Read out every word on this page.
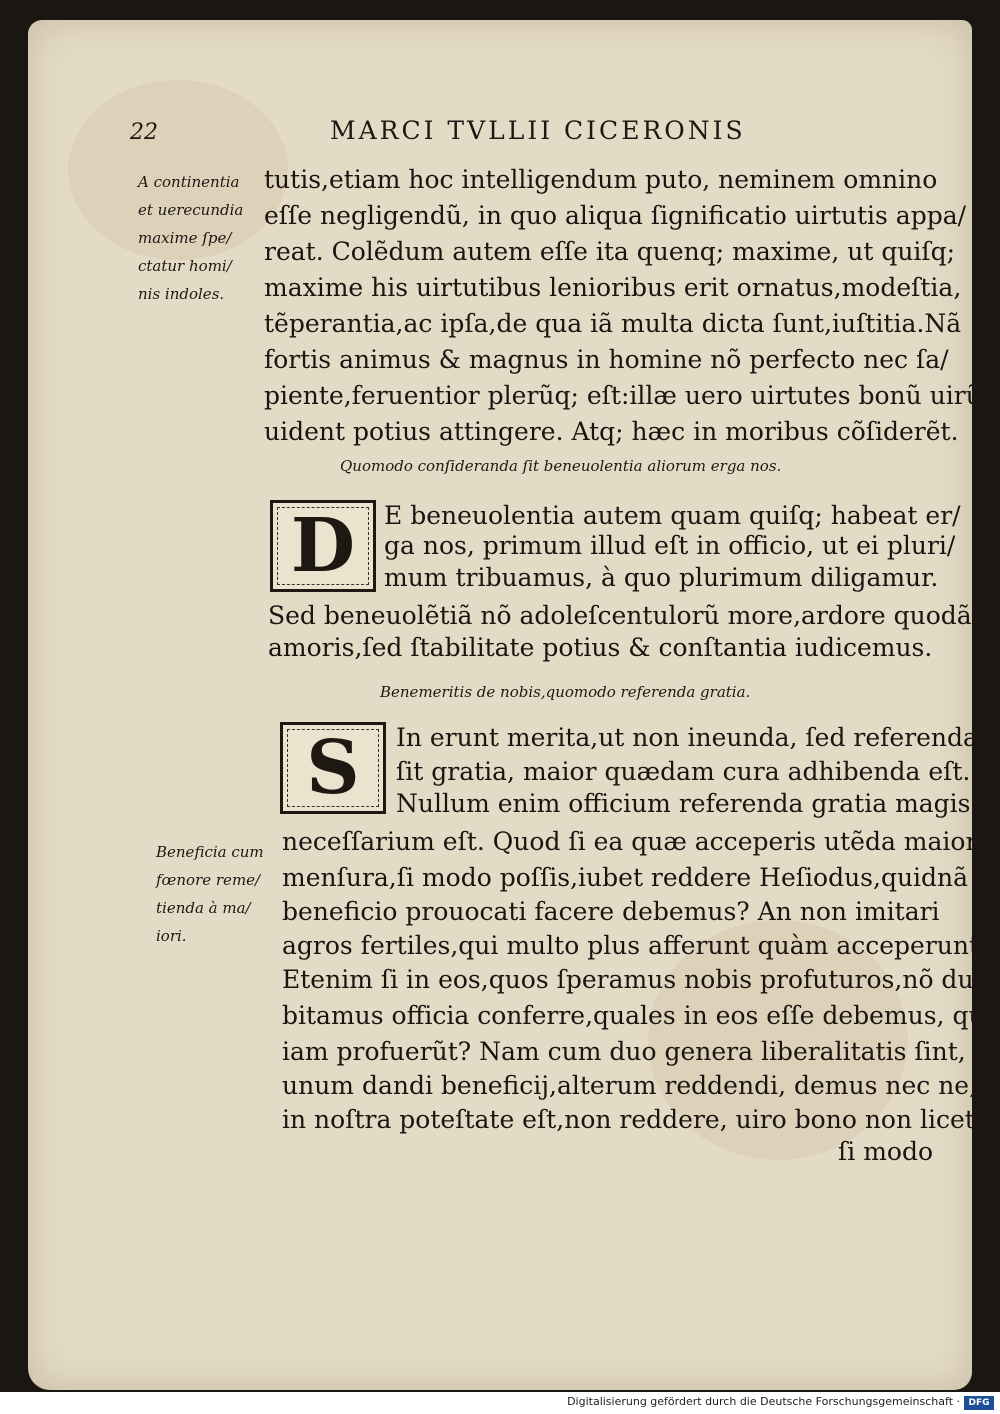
22	MARCI TVLLII CICERONIS
A continentia
et uerecundia
maxime ſpe/
ctatur homi/
nis indoles.
tutis,etiam hoc intelligendum puto, neminem omnino
eſſe negligendũ, in quo aliqua ſignificatio uirtutis appa/
reat. Colẽdum autem eſſe ita quenq; maxime, ut quiſq;
maxime his uirtutibus lenioribus erit ornatus,modeſtia,
tẽperantia,ac ipſa,de qua iã multa dicta ſunt,iuſtitia.Nã
fortis animus & magnus in homine nõ perfecto nec ſa/
piente,feruentior plerũq; eſt:illæ uero uirtutes bonũ uirũ
uident potius attingere. Atq; hæc in moribus cõſiderẽt.
Quomodo conſideranda ſit beneuolentia aliorum erga nos.
D	E beneuolentia autem quam quiſq; habeat er/
ga nos, primum illud eſt in officio, ut ei pluri/
mum tribuamus, à quo plurimum diligamur.
Sed beneuolẽtiã nõ adoleſcentulorũ more,ardore quodã
amoris,ſed ſtabilitate potius & conſtantia iudicemus.
Benemeritis de nobis,quomodo referenda gratia.
S	In erunt merita,ut non ineunda, ſed referenda
ſit gratia, maior quædam cura adhibenda eſt.
Nullum enim officium referenda gratia magis
Beneficia cum
fœnore reme/
tienda à ma/
iori.
neceſſarium eſt. Quod ſi ea quæ acceperis utẽda maiore
menſura,ſi modo poſſis,iubet reddere Heſiodus,quidnã
beneficio prouocati facere debemus? An non imitari
agros fertiles,qui multo plus afferunt quàm acceperunt?
Etenim ſi in eos,quos ſperamus nobis profuturos,nõ du
bitamus officia conferre,quales in eos eſſe debemus, qui
iam profuerũt? Nam cum duo genera liberalitatis ſint,
unum dandi beneficij,alterum reddendi, demus nec ne,
in noſtra poteſtate eſt,non reddere, uiro bono non licet,
ſi modo
Digitalisierung gefördert durch die Deutsche Forschungsgemeinschaft · DFG
